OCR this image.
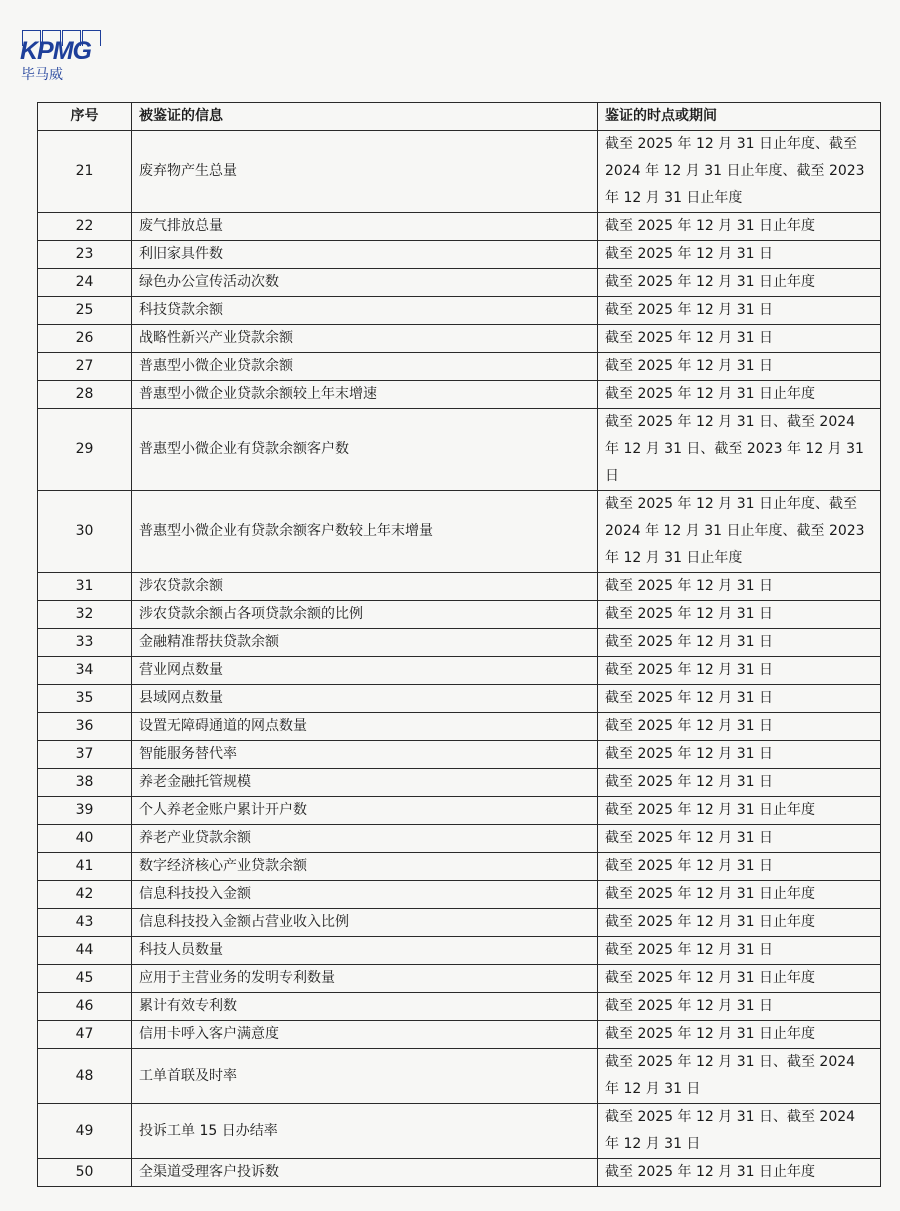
KPMG
毕马威
序号	被鉴证的信息	鉴证的时点或期间
21	废弃物产生总量	截至 2025 年 12 月 31 日止年度、截至 2024 年 12 月 31 日止年度、截至 2023 年 12 月 31 日止年度
22	废气排放总量	截至 2025 年 12 月 31 日止年度
23	利旧家具件数	截至 2025 年 12 月 31 日
24	绿色办公宣传活动次数	截至 2025 年 12 月 31 日止年度
25	科技贷款余额	截至 2025 年 12 月 31 日
26	战略性新兴产业贷款余额	截至 2025 年 12 月 31 日
27	普惠型小微企业贷款余额	截至 2025 年 12 月 31 日
28	普惠型小微企业贷款余额较上年末增速	截至 2025 年 12 月 31 日止年度
29	普惠型小微企业有贷款余额客户数	截至 2025 年 12 月 31 日、截至 2024 年 12 月 31 日、截至 2023 年 12 月 31 日
30	普惠型小微企业有贷款余额客户数较上年末增量	截至 2025 年 12 月 31 日止年度、截至 2024 年 12 月 31 日止年度、截至 2023 年 12 月 31 日止年度
31	涉农贷款余额	截至 2025 年 12 月 31 日
32	涉农贷款余额占各项贷款余额的比例	截至 2025 年 12 月 31 日
33	金融精准帮扶贷款余额	截至 2025 年 12 月 31 日
34	营业网点数量	截至 2025 年 12 月 31 日
35	县域网点数量	截至 2025 年 12 月 31 日
36	设置无障碍通道的网点数量	截至 2025 年 12 月 31 日
37	智能服务替代率	截至 2025 年 12 月 31 日
38	养老金融托管规模	截至 2025 年 12 月 31 日
39	个人养老金账户累计开户数	截至 2025 年 12 月 31 日止年度
40	养老产业贷款余额	截至 2025 年 12 月 31 日
41	数字经济核心产业贷款余额	截至 2025 年 12 月 31 日
42	信息科技投入金额	截至 2025 年 12 月 31 日止年度
43	信息科技投入金额占营业收入比例	截至 2025 年 12 月 31 日止年度
44	科技人员数量	截至 2025 年 12 月 31 日
45	应用于主营业务的发明专利数量	截至 2025 年 12 月 31 日止年度
46	累计有效专利数	截至 2025 年 12 月 31 日
47	信用卡呼入客户满意度	截至 2025 年 12 月 31 日止年度
48	工单首联及时率	截至 2025 年 12 月 31 日、截至 2024 年 12 月 31 日
49	投诉工单 15 日办结率	截至 2025 年 12 月 31 日、截至 2024 年 12 月 31 日
50	全渠道受理客户投诉数	截至 2025 年 12 月 31 日止年度
